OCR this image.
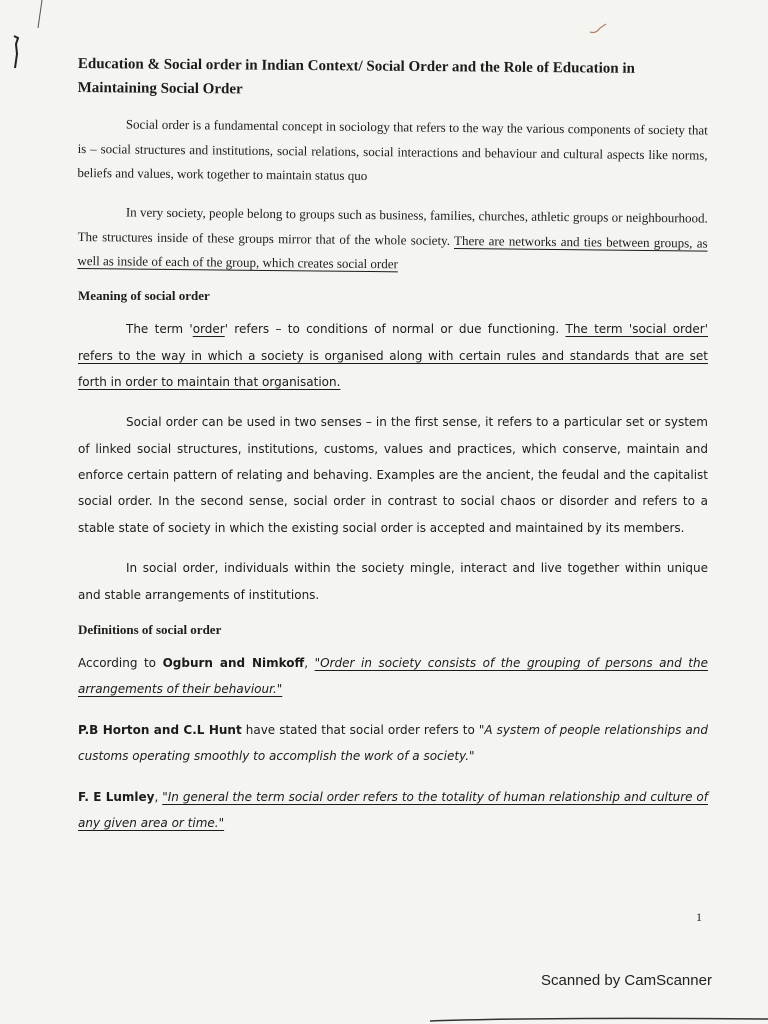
Education & Social order in Indian Context/ Social Order and the Role of Education in Maintaining Social Order

Social order is a fundamental concept in sociology that refers to the way the various components of society that is – social structures and institutions, social relations, social interactions and behaviour and cultural aspects like norms, beliefs and values, work together to maintain status quo

In very society, people belong to groups such as business, families, churches, athletic groups or neighbourhood. The structures inside of these groups mirror that of the whole society. There are networks and ties between groups, as well as inside of each of the group, which creates social order

Meaning of social order

The term 'order' refers – to conditions of normal or due functioning. The term 'social order' refers to the way in which a society is organised along with certain rules and standards that are set forth in order to maintain that organisation.

Social order can be used in two senses – in the first sense, it refers to a particular set or system of linked social structures, institutions, customs, values and practices, which conserve, maintain and enforce certain pattern of relating and behaving. Examples are the ancient, the feudal and the capitalist social order. In the second sense, social order in contrast to social chaos or disorder and refers to a stable state of society in which the existing social order is accepted and maintained by its members.

In social order, individuals within the society mingle, interact and live together within unique and stable arrangements of institutions.

Definitions of social order

According to Ogburn and Nimkoff, "Order in society consists of the grouping of persons and the arrangements of their behaviour."

P.B Horton and C.L Hunt have stated that social order refers to "A system of people relationships and customs operating smoothly to accomplish the work of a society."

F. E Lumley, "In general the term social order refers to the totality of human relationship and culture of any given area or time."

1
Scanned by CamScanner
